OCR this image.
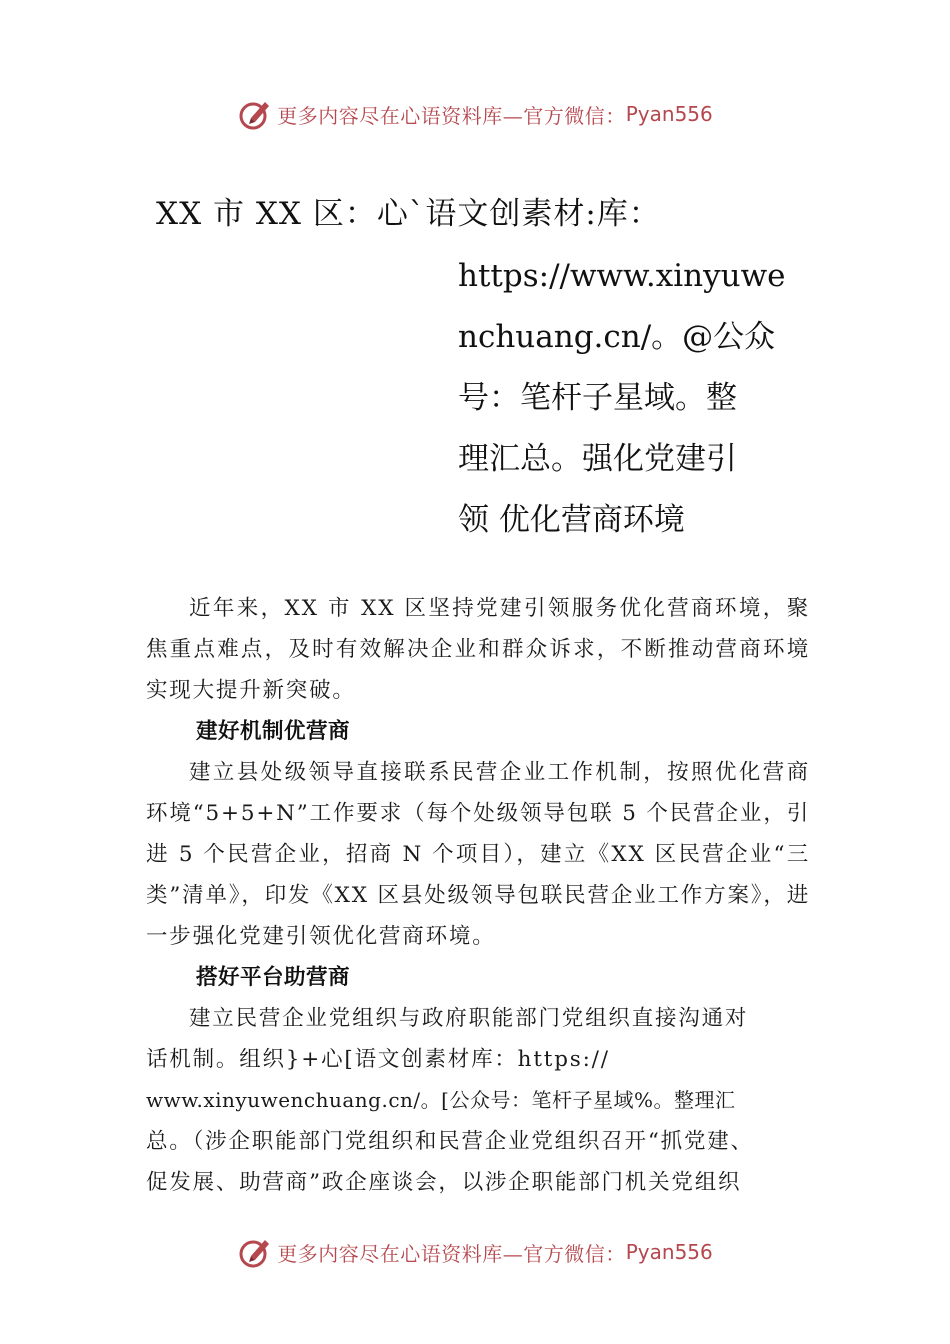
更多内容尽在心语资料库—官方微信： Pyan556
XX 市 XX 区：心`语文创素材:库：
https://www.xinyuwe
nchuang.cn/。@公众
号：笔杆子星域。整
理汇总。强化党建引
领 优化营商环境

近年来，XX 市 XX 区坚持党建引领服务优化营商环境，聚焦重点难点，及时有效解决企业和群众诉求，不断推动营商环境实现大提升新突破。

建好机制优营商

建立县处级领导直接联系民营企业工作机制，按照优化营商环境“5+5+N”工作要求（每个处级领导包联 5 个民营企业，引进 5 个民营企业，招商 N 个项目），建立《XX 区民营企业“三类”清单》，印发《XX 区县处级领导包联民营企业工作方案》，进一步强化党建引领优化营商环境。

搭好平台助营商

建立民营企业党组织与政府职能部门党组织直接沟通对

话机制。组织}+心[语文创素材库：https://
www.xinyuwenchuang.cn/。[公众号：笔杆子星域%。整理汇
总。（涉企职能部门党组织和民营企业党组织召开“抓党建、
促发展、助营商”政企座谈会，以涉企职能部门机关党组织
更多内容尽在心语资料库—官方微信： Pyan556
